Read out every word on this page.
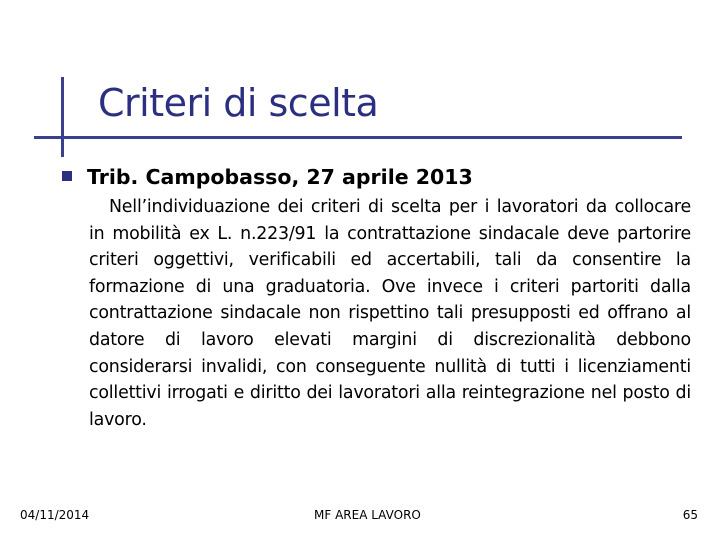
Criteri di scelta
Trib. Campobasso, 27 aprile 2013

Nell’individuazione dei criteri di scelta per i lavoratori da collocare in mobilità ex L. n.223/91 la contrattazione sindacale deve partorire criteri oggettivi, verificabili ed accertabili, tali da consentire la formazione di una graduatoria. Ove invece i criteri partoriti dalla contrattazione sindacale non rispettino tali presupposti ed offrano al datore di lavoro elevati margini di discrezionalità debbono considerarsi invalidi, con conseguente nullità di tutti i licenziamenti collettivi irrogati e diritto dei lavoratori alla reintegrazione nel posto di lavoro.

04/11/2014	MF AREA LAVORO	65
